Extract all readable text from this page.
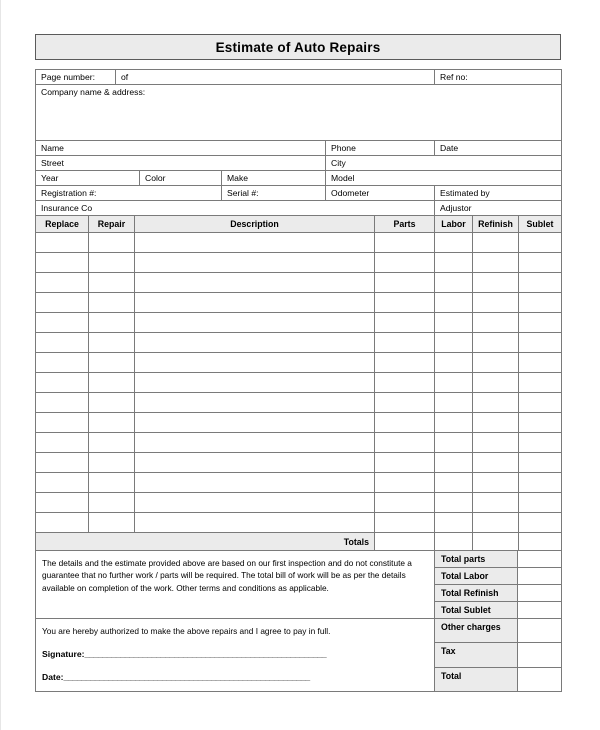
Estimate of Auto Repairs
Page number:	of	Ref no:
Company name & address:
Name			Phone	Date
Street			City	
Year	Color	Make	Model	
Registration #:		Serial #:	Odometer	Estimated by
Insurance Co				Adjustor
Replace	Repair	Description	Parts	Labor	Refinish	Sublet

Totals						
The details and the estimate provided above are based on our first inspection and do not constitute a guarantee that no further work / parts will be required. The total bill of work will be as per the details available on completion of the work. Other terms and conditions as applicable.	Total parts	
	Total Labor	
	Total Refinish	
	Total Sublet	

You are hereby authorized to make the above repairs and I agree to pay in full.

Signature:______________________________________________________
Date:_______________________________________________________	Other charges	
	Tax	
	Total	
